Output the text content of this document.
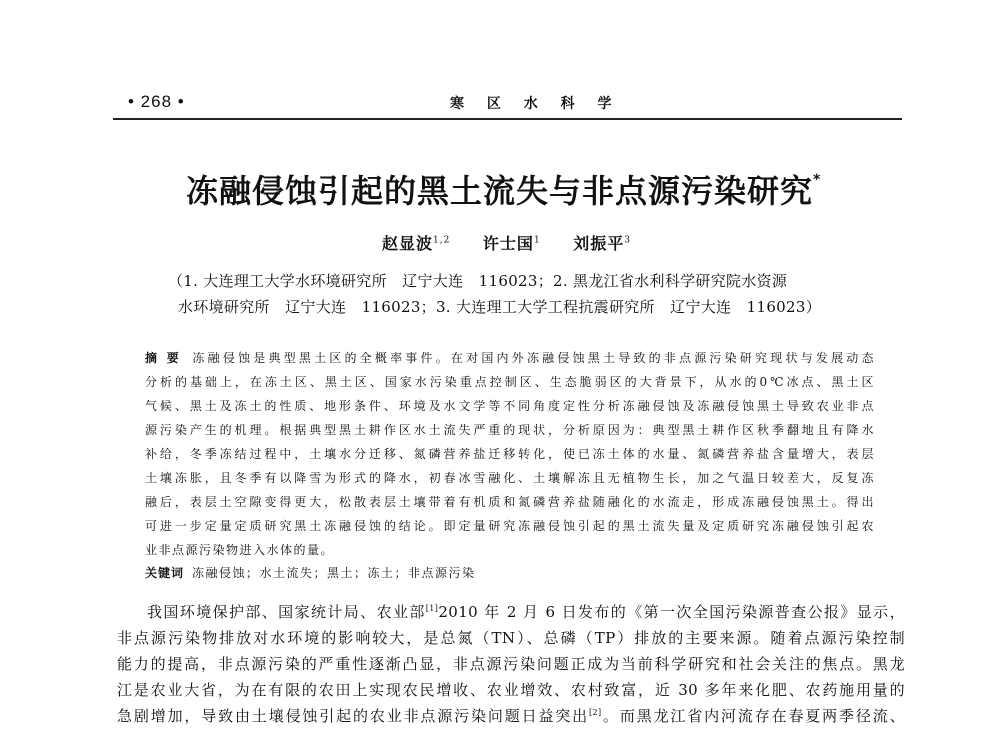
• 268 •	寒 区 水 科 学
冻融侵蚀引起的黑土流失与非点源污染研究*
赵显波$^{1,2}$ 许士国$^1$ 刘振平$^3$
（1. 大连理工大学水环境研究所　辽宁大连　116023；2. 黑龙江省水利科学研究院水资源
水环境研究所　辽宁大连　116023；3. 大连理工大学工程抗震研究所　辽宁大连　116023）
摘要 冻融侵蚀是典型黑土区的全概率事件。在对国内外冻融侵蚀黑土导致的非点源污染研究现状与发展动态
分析的基础上，在冻土区、黑土区、国家水污染重点控制区、生态脆弱区的大背景下，从水的0℃冰点、黑土区
气候、黑土及冻土的性质、地形条件、环境及水文学等不同角度定性分析冻融侵蚀及冻融侵蚀黑土导致农业非点
源污染产生的机理。根据典型黑土耕作区水土流失严重的现状，分析原因为：典型黑土耕作区秋季翻地且有降水
补给，冬季冻结过程中，土壤水分迁移、氮磷营养盐迁移转化，使已冻土体的水量、氮磷营养盐含量增大，表层
土壤冻胀，且冬季有以降雪为形式的降水，初春冰雪融化、土壤解冻且无植物生长，加之气温日较差大，反复冻
融后，表层土空隙变得更大，松散表层土壤带着有机质和氮磷营养盐随融化的水流走，形成冻融侵蚀黑土。得出
可进一步定量定质研究黑土冻融侵蚀的结论。即定量研究冻融侵蚀引起的黑土流失量及定质研究冻融侵蚀引起农
业非点源污染物进入水体的量。
关键词 冻融侵蚀；水土流失；黑土；冻土；非点源污染
我国环境保护部、国家统计局、农业部[1]2010 年 2 月 6 日发布的《第一次全国污染源普查公报》显示，
非点源污染物排放对水环境的影响较大，是总氮（TN）、总磷（TP）排放的主要来源。随着点源污染控制
能力的提高，非点源污染的严重性逐渐凸显，非点源污染问题正成为当前科学研究和社会关注的焦点。黑龙
江是农业大省，为在有限的农田上实现农民增收、农业增效、农村致富，近 30 多年来化肥、农药施用量的
急剧增加，导致由土壤侵蚀引起的农业非点源污染问题日益突出[2]。而黑龙江省内河流存在春夏两季径流、
